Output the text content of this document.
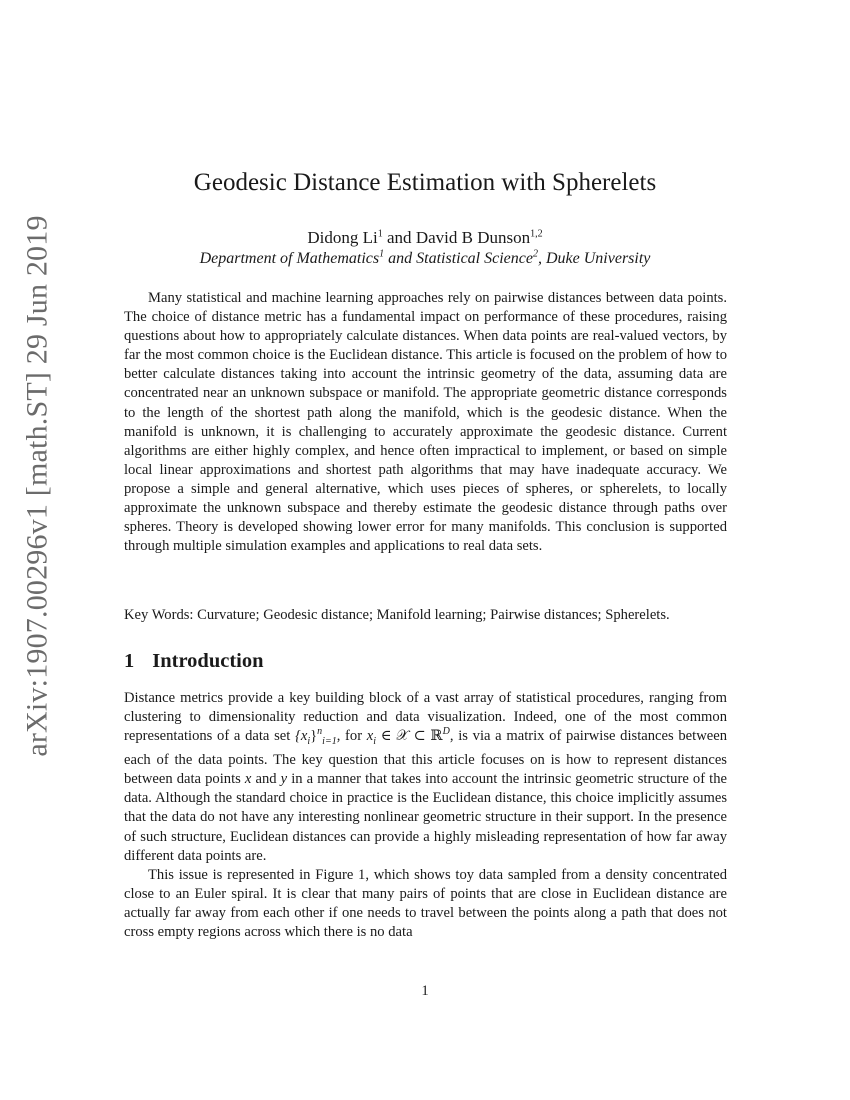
arXiv:1907.00296v1 [math.ST] 29 Jun 2019
Geodesic Distance Estimation with Spherelets
Didong Li$^1$ and David B Dunson$^{1,2}$
Department of Mathematics$^1$ and Statistical Science$^2$, Duke University

Many statistical and machine learning approaches rely on pairwise distances between data points. The choice of distance metric has a fundamental impact on performance of these procedures, raising questions about how to appropriately calculate distances. When data points are real-valued vectors, by far the most common choice is the Euclidean distance. This article is focused on the problem of how to better calculate distances taking into account the intrinsic geometry of the data, assuming data are concentrated near an unknown subspace or manifold. The appropriate geometric distance corresponds to the length of the shortest path along the manifold, which is the geodesic distance. When the manifold is unknown, it is challenging to accurately approximate the geodesic distance. Current algorithms are either highly complex, and hence often impractical to implement, or based on simple local linear approximations and shortest path algorithms that may have inadequate accuracy. We propose a simple and general alternative, which uses pieces of spheres, or spherelets, to locally approximate the unknown subspace and thereby estimate the geodesic distance through paths over spheres. Theory is developed showing lower error for many manifolds. This conclusion is supported through multiple simulation examples and applications to real data sets.

Key Words: Curvature; Geodesic distance; Manifold learning; Pairwise distances; Spherelets.

1 Introduction

Distance metrics provide a key building block of a vast array of statistical procedures, ranging from clustering to dimensionality reduction and data visualization. Indeed, one of the most common representations of a data set $\{x_i\}^n_{i=1}$, for $x_i$ ∈ 𝒳 ⊂ ℝ$^D$, is via a matrix of pairwise distances between each of the data points. The key question that this article focuses on is how to represent distances between data points x and y in a manner that takes into account the intrinsic geometric structure of the data. Although the standard choice in practice is the Euclidean distance, this choice implicitly assumes that the data do not have any interesting nonlinear geometric structure in their support. In the presence of such structure, Euclidean distances can provide a highly misleading representation of how far away different data points are.

This issue is represented in Figure 1, which shows toy data sampled from a density concentrated close to an Euler spiral. It is clear that many pairs of points that are close in Euclidean distance are actually far away from each other if one needs to travel between the points along a path that does not cross empty regions across which there is no data

1
